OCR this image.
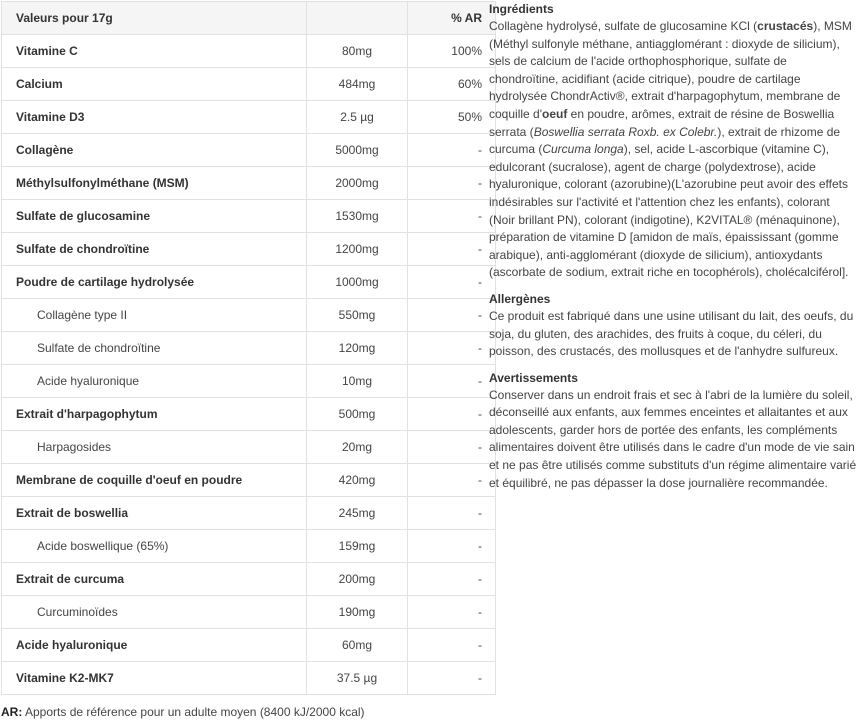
Valeurs pour 17g		% AR
Vitamine C	80mg	100%
Calcium	484mg	60%
Vitamine D3	2.5 µg	50%
Collagène	5000mg	-
Méthylsulfonylméthane (MSM)	2000mg	-
Sulfate de glucosamine	1530mg	-
Sulfate de chondroïtine	1200mg	-
Poudre de cartilage hydrolysée	1000mg	-
Collagène type II	550mg	-
Sulfate de chondroïtine	120mg	-
Acide hyaluronique	10mg	-
Extrait d'harpagophytum	500mg	-
Harpagosides	20mg	-
Membrane de coquille d'oeuf en poudre	420mg	-
Extrait de boswellia	245mg	-
Acide boswellique (65%)	159mg	-
Extrait de curcuma	200mg	-
Curcuminoïdes	190mg	-
Acide hyaluronique	60mg	-
Vitamine K2-MK7	37.5 µg	-
AR: Apports de référence pour un adulte moyen (8400 kJ/2000 kcal)
Ingrédients

Collagène hydrolysé, sulfate de glucosamine KCl (crustacés), MSM (Méthyl sulfonyle méthane, antiagglomérant : dioxyde de silicium), sels de calcium de l'acide orthophosphorique, sulfate de chondroïtine, acidifiant (acide citrique), poudre de cartilage hydrolysée ChondrActiv®, extrait d'harpagophytum, membrane de coquille d'oeuf en poudre, arômes, extrait de résine de Boswellia serrata (Boswellia serrata Roxb. ex Colebr.), extrait de rhizome de curcuma (Curcuma longa), sel, acide L-ascorbique (vitamine C), edulcorant (sucralose), agent de charge (polydextrose), acide hyaluronique, colorant (azorubine)(L'azorubine peut avoir des effets indésirables sur l'activité et l'attention chez les enfants), colorant (Noir brillant PN), colorant (indigotine), K2VITAL® (ménaquinone), préparation de vitamine D [amidon de maïs, épaississant (gomme arabique), anti-agglomérant (dioxyde de silicium), antioxydants (ascorbate de sodium, extrait riche en tocophérols), cholécalciférol].

Allergènes

Ce produit est fabriqué dans une usine utilisant du lait, des oeufs, du soja, du gluten, des arachides, des fruits à coque, du céleri, du poisson, des crustacés, des mollusques et de l'anhydre sulfureux.

Avertissements

Conserver dans un endroit frais et sec à l'abri de la lumière du soleil, déconseillé aux enfants, aux femmes enceintes et allaitantes et aux adolescents, garder hors de portée des enfants, les compléments alimentaires doivent être utilisés dans le cadre d'un mode de vie sain et ne pas être utilisés comme substituts d'un régime alimentaire varié et équilibré, ne pas dépasser la dose journalière recommandée.
